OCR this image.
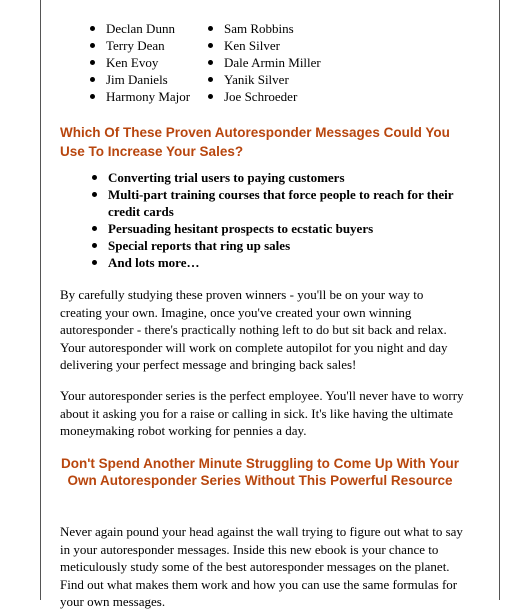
Declan Dunn
Terry Dean
Ken Evoy
Jim Daniels
Harmony Major
Sam Robbins
Ken Silver
Dale Armin Miller
Yanik Silver
Joe Schroeder
Which Of These Proven Autoresponder Messages Could You Use To Increase Your Sales?
Converting trial users to paying customers
Multi-part training courses that force people to reach for their credit cards
Persuading hesitant prospects to ecstatic buyers
Special reports that ring up sales
And lots more…

By carefully studying these proven winners - you'll be on your way to creating your own. Imagine, once you've created your own winning autoresponder - there's practically nothing left to do but sit back and relax. Your autoresponder will work on complete autopilot for you night and day delivering your perfect message and bringing back sales!

Your autoresponder series is the perfect employee. You'll never have to worry about it asking you for a raise or calling in sick. It's like having the ultimate moneymaking robot working for pennies a day.

Don't Spend Another Minute Struggling to Come Up With Your Own Autoresponder Series Without This Powerful Resource

Never again pound your head against the wall trying to figure out what to say in your autoresponder messages. Inside this new ebook is your chance to meticulously study some of the best autoresponder messages on the planet. Find out what makes them work and how you can use the same formulas for your own messages.
